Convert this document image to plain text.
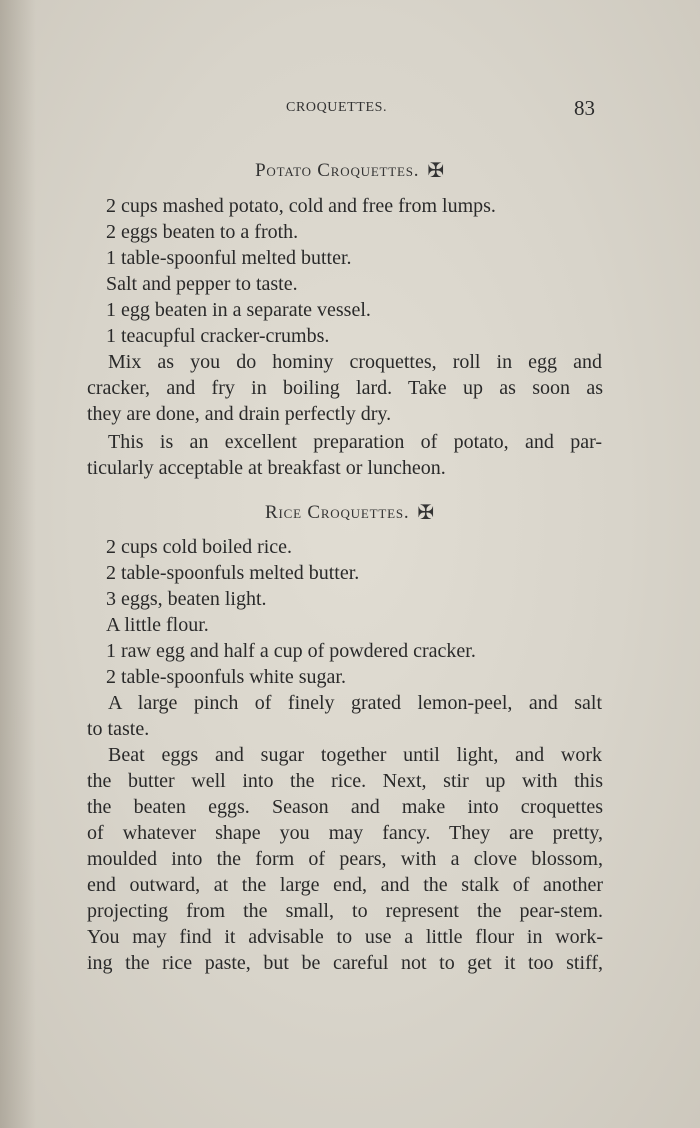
CROQUETTES.	83
Potato Croquettes. ✠
2 cups mashed potato, cold and free from lumps.
2 eggs beaten to a froth.
1 table-spoonful melted butter.
Salt and pepper to taste.
1 egg beaten in a separate vessel.
1 teacupful cracker-crumbs.
Mix as you do hominy croquettes, roll in egg and
cracker, and fry in boiling lard. Take up as soon as
they are done, and drain perfectly dry.
This is an excellent preparation of potato, and par-
ticularly acceptable at breakfast or luncheon.
Rice Croquettes. ✠
2 cups cold boiled rice.
2 table-spoonfuls melted butter.
3 eggs, beaten light.
A little flour.
1 raw egg and half a cup of powdered cracker.
2 table-spoonfuls white sugar.
A large pinch of finely grated lemon-peel, and salt
to taste.
Beat eggs and sugar together until light, and work
the butter well into the rice. Next, stir up with this
the beaten eggs. Season and make into croquettes
of whatever shape you may fancy. They are pretty,
moulded into the form of pears, with a clove blossom,
end outward, at the large end, and the stalk of another
projecting from the small, to represent the pear-stem.
You may find it advisable to use a little flour in work-
ing the rice paste, but be careful not to get it too stiff,
